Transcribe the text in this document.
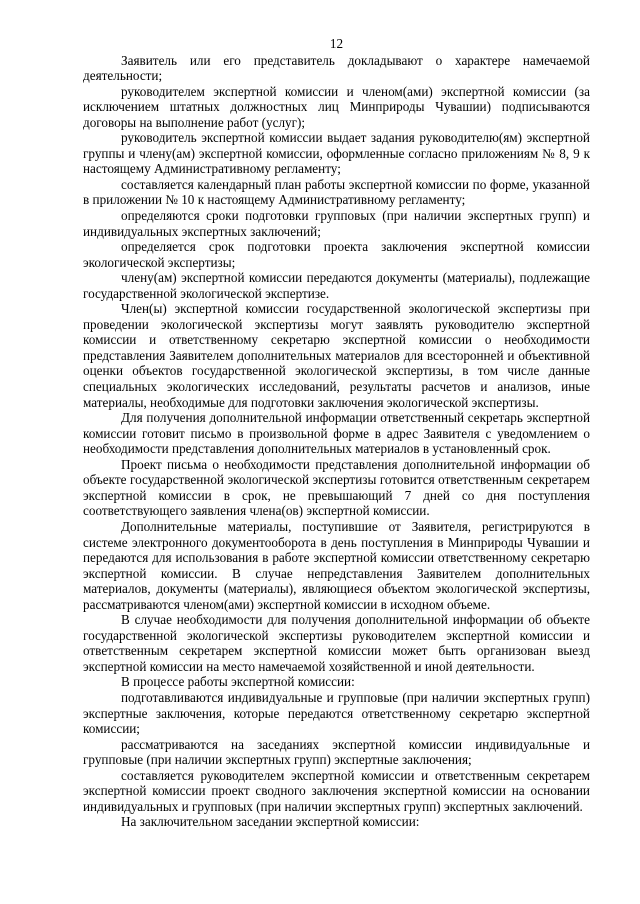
12

Заявитель или его представитель докладывают о характере намечаемой деятельности;

руководителем экспертной комиссии и членом(ами) экспертной комиссии (за исключением штатных должностных лиц Минприроды Чувашии) подписываются договоры на выполнение работ (услуг);

руководитель экспертной комиссии выдает задания руководителю(ям) экспертной группы и члену(ам) экспертной комиссии, оформленные согласно приложениям № 8, 9 к настоящему Административному регламенту;

составляется календарный план работы экспертной комиссии по форме, указанной в приложении № 10 к настоящему Административному регламенту;

определяются сроки подготовки групповых (при наличии экспертных групп) и индивидуальных экспертных заключений;

определяется срок подготовки проекта заключения экспертной комиссии экологической экспертизы;

члену(ам) экспертной комиссии передаются документы (материалы), подлежащие государственной экологической экспертизе.

Член(ы) экспертной комиссии государственной экологической экспертизы при проведении экологической экспертизы могут заявлять руководителю экспертной комиссии и ответственному секретарю экспертной комиссии о необходимости представления Заявителем дополнительных материалов для всесторонней и объективной оценки объектов государственной экологической экспертизы, в том числе данные специальных экологических исследований, результаты расчетов и анализов, иные материалы, необходимые для подготовки заключения экологической экспертизы.

Для получения дополнительной информации ответственный секретарь экспертной комиссии готовит письмо в произвольной форме в адрес Заявителя с уведомлением о необходимости представления дополнительных материалов в установленный срок.

Проект письма о необходимости представления дополнительной информации об объекте государственной экологической экспертизы готовится ответственным секретарем экспертной комиссии в срок, не превышающий 7 дней со дня поступления соответствующего заявления члена(ов) экспертной комиссии.

Дополнительные материалы, поступившие от Заявителя, регистрируются в системе электронного документооборота в день поступления в Минприроды Чувашии и передаются для использования в работе экспертной комиссии ответственному секретарю экспертной комиссии. В случае непредставления Заявителем дополнительных материалов, документы (материалы), являющиеся объектом экологической экспертизы, рассматриваются членом(ами) экспертной комиссии в исходном объеме.

В случае необходимости для получения дополнительной информации об объекте государственной экологической экспертизы руководителем экспертной комиссии и ответственным секретарем экспертной комиссии может быть организован выезд экспертной комиссии на место намечаемой хозяйственной и иной деятельности.

В процессе работы экспертной комиссии:

подготавливаются индивидуальные и групповые (при наличии экспертных групп) экспертные заключения, которые передаются ответственному секретарю экспертной комиссии;

рассматриваются на заседаниях экспертной комиссии индивидуальные и групповые (при наличии экспертных групп) экспертные заключения;

составляется руководителем экспертной комиссии и ответственным секретарем экспертной комиссии проект сводного заключения экспертной комиссии на основании индивидуальных и групповых (при наличии экспертных групп) экспертных заключений.

На заключительном заседании экспертной комиссии:
